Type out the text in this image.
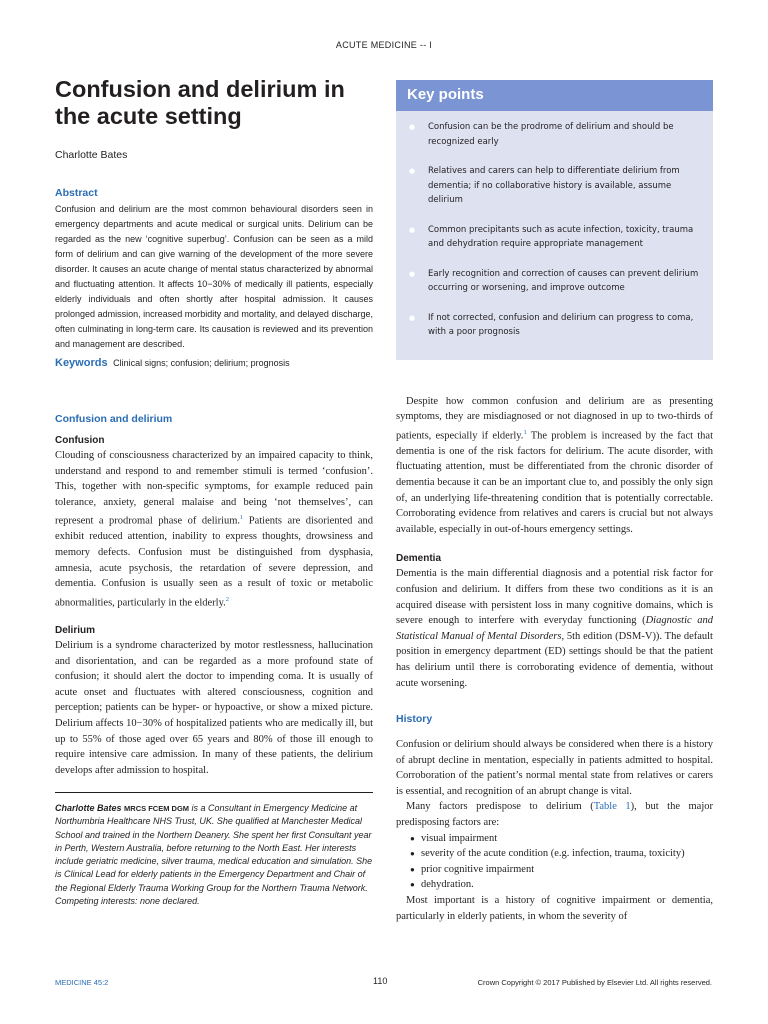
ACUTE MEDICINE -- I
Confusion and delirium in
the acute setting
Charlotte Bates
Abstract

Confusion and delirium are the most common behavioural disorders seen in emergency departments and acute medical or surgical units. Delirium can be regarded as the new ‘cognitive superbug’. Confusion can be seen as a mild form of delirium and can give warning of the development of the more severe disorder. It causes an acute change of mental status characterized by abnormal and fluctuating attention. It affects 10−30% of medically ill patients, especially elderly individuals and often shortly after hospital admission. It causes prolonged admission, increased morbidity and mortality, and delayed discharge, often culminating in long-term care. Its causation is reviewed and its prevention and management are described.

Keywords Clinical signs; confusion; delirium; prognosis

Confusion and delirium
Confusion

Clouding of consciousness characterized by an impaired capacity to think, understand and respond to and remember stimuli is termed ‘confusion’. This, together with non-specific symptoms, for example reduced pain tolerance, anxiety, general malaise and being ‘not themselves’, can represent a prodromal phase of delirium.$^1$ Patients are disoriented and exhibit reduced attention, inability to express thoughts, drowsiness and memory defects. Confusion must be distinguished from dysphasia, amnesia, acute psychosis, the retardation of severe depression, and dementia. Confusion is usually seen as a result of toxic or metabolic abnormalities, particularly in the elderly.$^2$

Delirium

Delirium is a syndrome characterized by motor restlessness, hallucination and disorientation, and can be regarded as a more profound state of confusion; it should alert the doctor to impending coma. It is usually of acute onset and fluctuates with altered consciousness, cognition and perception; patients can be hyper- or hypoactive, or show a mixed picture. Delirium affects 10−30% of hospitalized patients who are medically ill, but up to 55% of those aged over 65 years and 80% of those ill enough to require intensive care admission. In many of these patients, the delirium develops after admission to hospital.

Charlotte Bates MRCS FCEM DGM is a Consultant in Emergency Medicine at Northumbria Healthcare NHS Trust, UK. She qualified at Manchester Medical School and trained in the Northern Deanery. She spent her first Consultant year in Perth, Western Australia, before returning to the North East. Her interests include geriatric medicine, silver trauma, medical education and simulation. She is Clinical Lead for elderly patients in the Emergency Department and Chair of the Regional Elderly Trauma Working Group for the Northern Trauma Network. Competing interests: none declared.

Key points
●	Confusion can be the prodrome of delirium and should be recognized early
●	Relatives and carers can help to differentiate delirium from dementia; if no collaborative history is available, assume delirium
●	Common precipitants such as acute infection, toxicity, trauma and dehydration require appropriate management
●	Early recognition and correction of causes can prevent delirium occurring or worsening, and improve outcome
●	If not corrected, confusion and delirium can progress to coma, with a poor prognosis

Despite how common confusion and delirium are as presenting symptoms, they are misdiagnosed or not diagnosed in up to two-thirds of patients, especially if elderly.$^1$ The problem is increased by the fact that dementia is one of the risk factors for delirium. The acute disorder, with fluctuating attention, must be differentiated from the chronic disorder of dementia because it can be an important clue to, and possibly the only sign of, an underlying life-threatening condition that is potentially correctable. Corroborating evidence from relatives and carers is crucial but not always available, especially in out-of-hours emergency settings.

Dementia

Dementia is the main differential diagnosis and a potential risk factor for confusion and delirium. It differs from these two conditions as it is an acquired disease with persistent loss in many cognitive domains, which is severe enough to interfere with everyday functioning (Diagnostic and Statistical Manual of Mental Disorders, 5th edition (DSM-V)). The default position in emergency department (ED) settings should be that the patient has delirium until there is corroborating evidence of dementia, without acute worsening.

History

Confusion or delirium should always be considered when there is a history of abrupt decline in mentation, especially in patients admitted to hospital. Corroboration of the patient’s normal mental state from relatives or carers is essential, and recognition of an abrupt change is vital.

Many factors predispose to delirium (Table 1), but the major predisposing factors are:

● visual impairment
● severity of the acute condition (e.g. infection, trauma, toxicity)
● prior cognitive impairment
● dehydration.

Most important is a history of cognitive impairment or dementia, particularly in elderly patients, in whom the severity of

MEDICINE 45:2	110	Crown Copyright © 2017 Published by Elsevier Ltd. All rights reserved.
